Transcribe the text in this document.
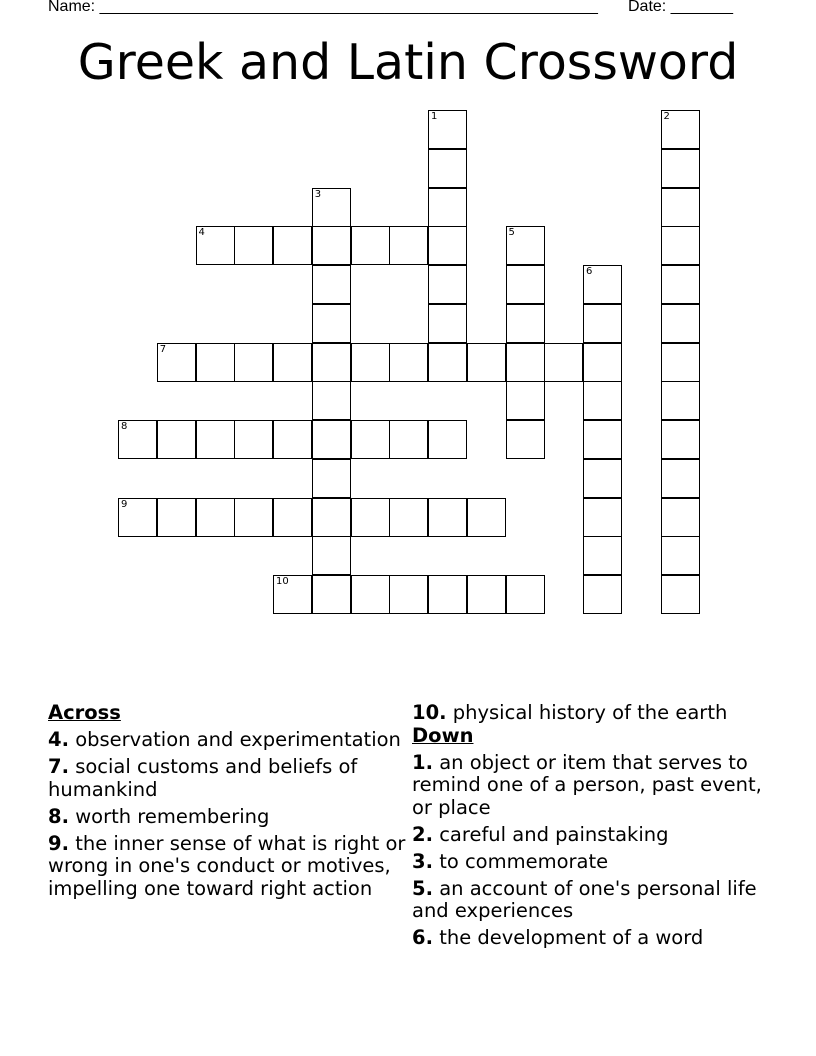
Name: ________________________________________________________ Date: _______
Greek and Latin Crossword
1	2
3
4	5
6
7
8
9
10
Across
4. observation and experimentation
7. social customs and beliefs of humankind
8. worth remembering
9. the inner sense of what is right or wrong in one's conduct or motives, impelling one toward right action
10. physical history of the earth
Down
1. an object or item that serves to remind one of a person, past event, or place
2. careful and painstaking
3. to commemorate
5. an account of one's personal life and experiences
6. the development of a word
